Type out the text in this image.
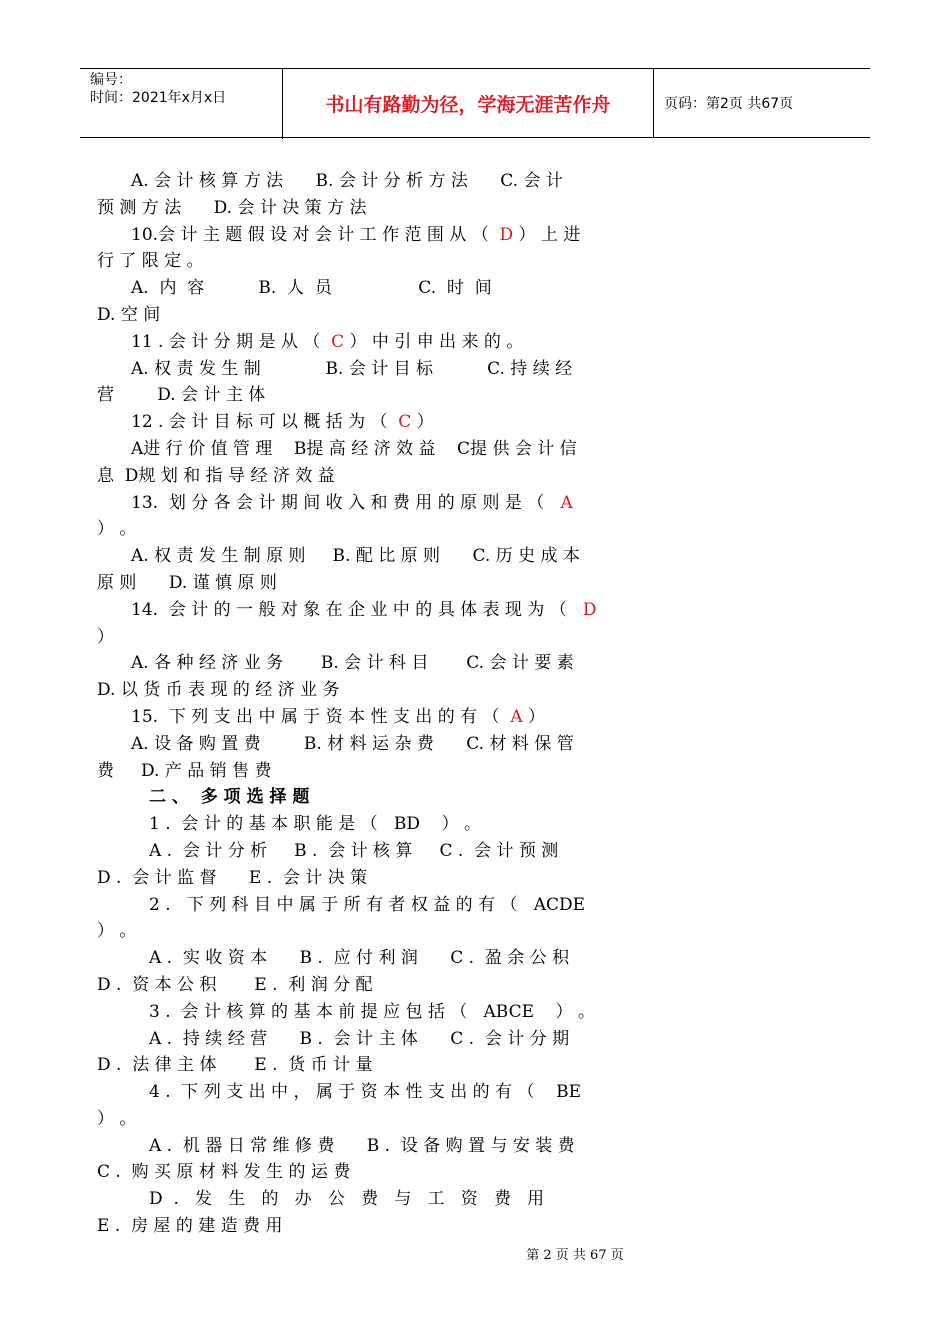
编号：
时间：2021年x月x日	书山有路勤为径，学海无涯苦作舟	页码：第2页 共67页
A. 会 计 核 算 方 法      B. 会 计 分 析 方 法      C. 会 计
预 测 方 法      D. 会 计 决 策 方 法
10.会 计 主 题 假 设 对 会 计 工 作 范 围 从 （  D ） 上 进
行 了 限 定 。
A.  内  容          B.  人  员                C.  时  间
D. 空 间
11 . 会 计 分 期 是 从 （  C ） 中 引 申 出 来 的 。
A. 权 责 发 生 制            B. 会 计 目 标          C. 持 续 经
营        D. 会 计 主 体
12 . 会 计 目 标 可 以 概 括 为 （  C ）
A进 行 价 值 管 理    B提 高 经 济 效 益    C提 供 会 计 信
息  D规 划 和 指 导 经 济 效 益
13.  划 分 各 会 计 期 间 收 入 和 费 用 的 原 则 是 （   A
） 。
A. 权 责 发 生 制 原 则     B. 配 比 原 则      C. 历 史 成 本
原 则      D. 谨 慎 原 则
14.  会 计 的 一 般 对 象 在 企 业 中 的 具 体 表 现 为 （   D
）
A. 各 种 经 济 业 务       B. 会 计 科 目       C. 会 计 要 素
D. 以 货 币 表 现 的 经 济 业 务
15.  下 列 支 出 中 属 于 资 本 性 支 出 的 有 （  A ）
A. 设 备 购 置 费        B. 材 料 运 杂 费      C. 材 料 保 管
费     D. 产 品 销 售 费
二 、  多 项 选 择 题
1 .  会 计 的 基 本 职 能 是 （   BD    ） 。
A .  会 计 分 析     B .  会 计 核 算     C .  会 计 预 测
D .  会 计 监 督      E .  会 计 决 策
2 .   下 列 科 目 中 属 于 所 有 者 权 益 的 有 （   ACDE
） 。
A .  实 收 资 本      B .  应 付 利 润      C .  盈 余 公 积
D .  资 本 公 积       E .  利 润 分 配
3 .  会 计 核 算 的 基 本 前 提 应 包 括 （   ABCE    ） 。
A .  持 续 经 营      B .  会 计 主 体      C .  会 计 分 期
D .  法 律 主 体       E .  货 币 计 量
4 .  下 列 支 出 中 ， 属 于 资 本 性 支 出 的 有 （    BE
） 。
A .  机 器 日 常 维 修 费      B .  设 备 购 置 与 安 装 费
C .  购 买 原 材 料 发 生 的 运 费
D  .   发   生   的   办   公   费   与   工   资   费   用
E .  房 屋 的 建 造 费 用
第 2 页 共 67 页
